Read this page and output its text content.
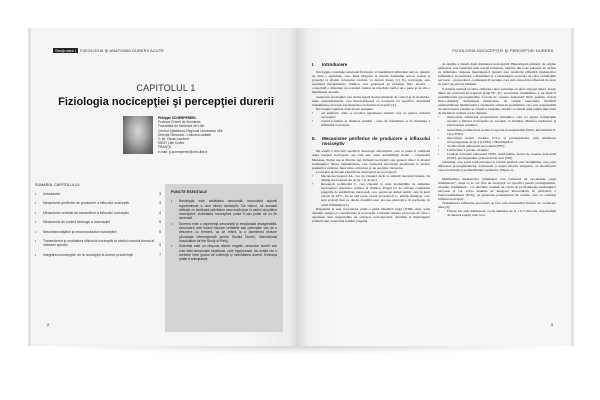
Secţiunea I	FIZIOLOGIA ŞI ANATOMIA DURERII ACUTE
CAPITOLUL 1
Fiziologia nocicepţiei şi percepţiei durerii
Philippe SCHERPEREEL
Profesor Emerit de Anestezie
Facultatea de Medicină din Lille
Centrul Spitalicesc Regional Universitar Lille
Direcţia Generală – Uniunea calitate
2, str. Oscar Lambert
59037 Lille Cedex
FRANŢA
e-mail: p-scherpereel@chru-lille.fr
SUMARUL CAPITOLULUI:
•	Introducere	3
•	Mecanisme periferice de producere a influxului nociceptiv	3
•	Mecanisme centrale de transmitere a influxului nociceptiv	4
•	Mecanisme de control fiziologic a nocicepţiei	5
•	Neurotransmiţători şi neuromodulatori nociceptivi	5
•	Transmiterea şi modularea influxului nociceptiv la nivelul cornului dorsal al măduvei spinării	5
•	Integrarea nocicepţiei: de la nocicepţie la durere şi suferinţă	7
PUNCTE ESENŢIALE
•	Nocicepţia este activitatea neuronală, secundară acţiunii supraliminale a unui stimul nociceptiv. De reţinut, că această definiţie nu limitează activitatea neuronală doar în cadrul circuitelor nociceptive. Activitatea nociceptivă poate fi sau poate să nu fie durerosă.
•	Durerea este o experienţă senzorială şi emoţională dezagreabilă, secundară unei leziuni tisulare veritabile sau potenţiale sau de o descriere cu termeni, ca se referă la o asemenea leziune (Asociaţia Internaţională pentru Studiul Durerii, International Association for the Study of Pain).
•	Suferinţa este un răspuns afectiv negativ, secundar durerii sau unei stări emoţionale neplăcute, care îngrijorează. Nu există nici o corelare între gradul de suferinţă şi intensitatea durerii. Suferinţa poate fi anticipativă.
2
FIZIOLOGIA NOCICEPŢIEI ŞI PERCEPŢIEI DURERII
I.	Introducere

Nocicepţia constituie substratul fiziologic al transmiterii influxului nervos, generat de către o agresiune, care, după integrare la nivelul sistemului nervos central şi proiecţie la nivelul cortexului cerebral, va deveni durere [1]. Ea, nocicepţia, este rezultatul mecanismelor chimice, care generează un fenomen fizic, electric – consecinţă a diferenţei de potenţial, indusă de mişcările ionilor de o parte şi de alta a membranei axonale.

Generarea nocicepţiei este strâns legată de mecanismele de control şi de modulare, unde, neuromediatorii, care interacţionează cu receptorii lor specifici, determină transmiterea, blocarea sau modularea traficului nociceptiv [2].

Nocicepţia cuprinde două nivele esenţiale:

•	cel periferic, unde se produce agresiunea tisulară care va genera influxul nociceptiv;
•	cornul posterior al măduvei spinării - zona de transmitere şi de modulare a influxului nociceptiv.
II.	Mecanisme periferice de producere a influxului nociceptiv

Nu există o structură specifică, histologic diferenţiată, care ar putea fi calificată drept receptor nociceptiv, aşa cum este cazul sensibilităţii tactile – corpusculii Meissner, Pacini sau ai fibrelor Aβ. Influxul nociceptiv este generat direct la nivelul terminaţiilor libere, nemielinizate, care formează arborizaţii plexiforme la nivelul ţesuturilor cutanate, musculare, articulare şi ale pereţilor viscerelor.

La nivelul pielii sunt identificate două tipuri de nociceptori:

•	Mecanonociceptori Aδ, care nu răspund decât la stimulii mecanici intenşi. Se disting nociceptorii Aδ de tip 1 şi de tip 2.
•	Receptorii polimodali C, care răspund la toate modalităţile de stimulare nociceptive: mecanice, termice şi chimice. Pragul lor de activare comprinde pragurile de sensibilitate dureroasă, care, pentru un stimul termic, este în jurul valorii de 44°C. Pe de altă parte, există nociceptori C, numiţi silenţioşi, care sunt activaţi doar pe durata derulării unor procese patologice, în particular, în cazul inflamaţiei [3].

Răspunsul le este caracterizat printr-o gamă dinamică largă (WDR, engl. wide dynamic range) şi o specificitate la nocicepţie. Leziunile tisulare provocate de către o agresiune sunt responsabile de activarea nociceptorilor. Alodinia şi hiperalgezia primară sunt consecinţa sciliării pragului

de apariţie a durerii după stimularea nociceptivă. Hiperalgezia primară, de origine periferică, este rezultatul unei reacţii complexe, identice din toate punctele de vedere cu inflamaţia. Reţeaua hiperalgezică tisulară este rezultatul eliberării mediatorilor inflamaţiei, în particular a histaminei şi a substanţelor secretate de către terminaţiile nervoase – prepondrent, a substanţei P. secreţie, care este consecinţa reflexului de axon cu punct de plecare medular.

O leziune tisulară produce eliberarea unor substanţe cu efect algogen direct. Unele dintre ele activează nociceptorii (ionii H+, K+, serotonina, bradikinina...), iar altele îi sensibilizează (prostaglandine, factorii de creştere neuronală NGF, peptide, factori fizico-chimici). Substanţele menţionate, de origine neuronală, modifică permeabilitatea membranară a capilarelor situate în proximitate, care este responsabilă de extravazarea plasmei şi celulelor sanguine, însoţite ca sistem unui număr important de mediatori celulari ori de răspuns:

•	mastocitele eliberează preponderent histamina, care va agresa terminaţiile axonale a fibrelor nociceptive şi, totodată, va întreţine dilatarea capilarelor şi extravazarea celulelor;
•	neutrofilele polinucleare produc la speciei prostaglandine PGE2, interleukina Il-1β şi TNFα;
•	macrofagii produc citokina CCL2 şi prostaglandina, prin stimularea ciclooxigenazei de tip 2 (COX2) a fibroblaştilor;
•	Trombocitele eliberează serotonină (5HT);
•	Limfocitele T produc citokine;
•	Celulele Schwann eliberează TNFα, interleukina, factori de creştere neuronală (NGF), prostaglandine şi monoxid de azot (NO).

Substanţa, care joacă rolul principal la nivelul periferic este bradikinina, care, prin eliberarea prostaglandinelor, acţionează şi asupra fibrelor simpatice, cu modificarea vasoreactivităţii şi permeabilităţii capilarelor (Figura 1).

Multitudinea mediatorilor inflamaţiei care formează un aşa-numitu „supă inflamatorie”, după ce se vor fixa de receptorii lor specifici pentru prostaglandine, citokine, bradikinină... vor deschide canalele de calciu de pe membrana terminaţiilor nervoase şi vor activa anumite de integrare intracelulară, în particular, a fosfocreatinkinazei (PCK), cu generarea potenţialului de acţiune, care va constitui influxul nociceptiv.

Transmiterea influxului nociceptiv se face prin intermediul fibrelor de conducere lente [4]:

•	Fibrele Aδ, slab mielinizate, cu un diametru de la 1 la 5 microni, responsabile de durerea rapidă, bine loca-
3
